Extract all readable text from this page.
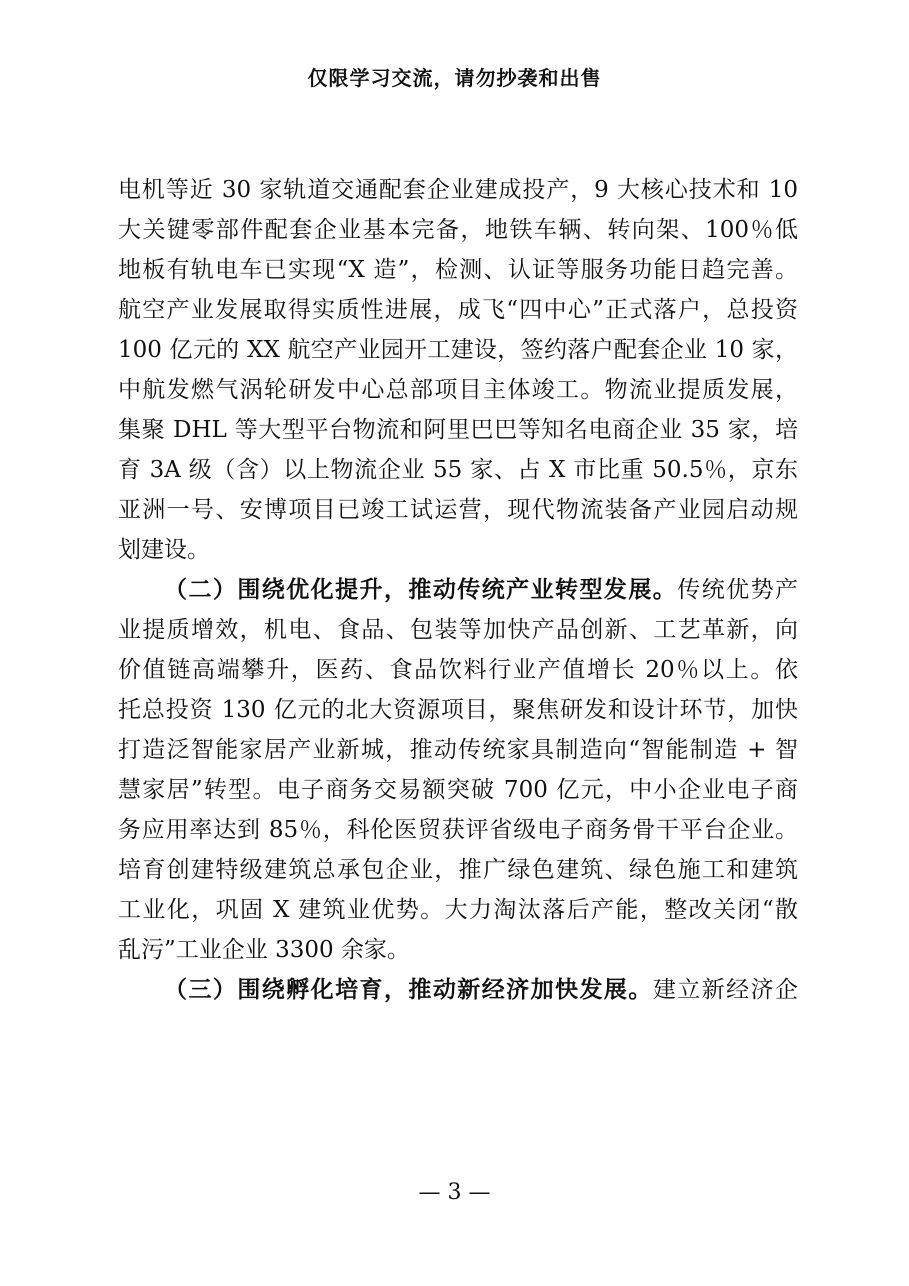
仅限学习交流，请勿抄袭和出售
电机等近 30 家轨道交通配套企业建成投产，9 大核心技术和 10
大关键零部件配套企业基本完备，地铁车辆、转向架、100％低
地板有轨电车已实现“X 造”，检测、认证等服务功能日趋完善。
航空产业发展取得实质性进展，成飞“四中心”正式落户，总投资
100 亿元的 XX 航空产业园开工建设，签约落户配套企业 10 家，
中航发燃气涡轮研发中心总部项目主体竣工。物流业提质发展，
集聚 DHL 等大型平台物流和阿里巴巴等知名电商企业 35 家，培
育 3A 级（含）以上物流企业 55 家、占 X 市比重 50.5％，京东
亚洲一号、安博项目已竣工试运营，现代物流装备产业园启动规
划建设。
（二）围绕优化提升，推动传统产业转型发展。传统优势产
业提质增效，机电、食品、包装等加快产品创新、工艺革新，向
价值链高端攀升，医药、食品饮料行业产值增长 20％以上。依
托总投资 130 亿元的北大资源项目，聚焦研发和设计环节，加快
打造泛智能家居产业新城，推动传统家具制造向“智能制造 + 智
慧家居”转型。电子商务交易额突破 700 亿元，中小企业电子商
务应用率达到 85％，科伦医贸获评省级电子商务骨干平台企业。
培育创建特级建筑总承包企业，推广绿色建筑、绿色施工和建筑
工业化，巩固 X 建筑业优势。大力淘汰落后产能，整改关闭“散
乱污”工业企业 3300 余家。
（三）围绕孵化培育，推动新经济加快发展。建立新经济企
— 3 —
